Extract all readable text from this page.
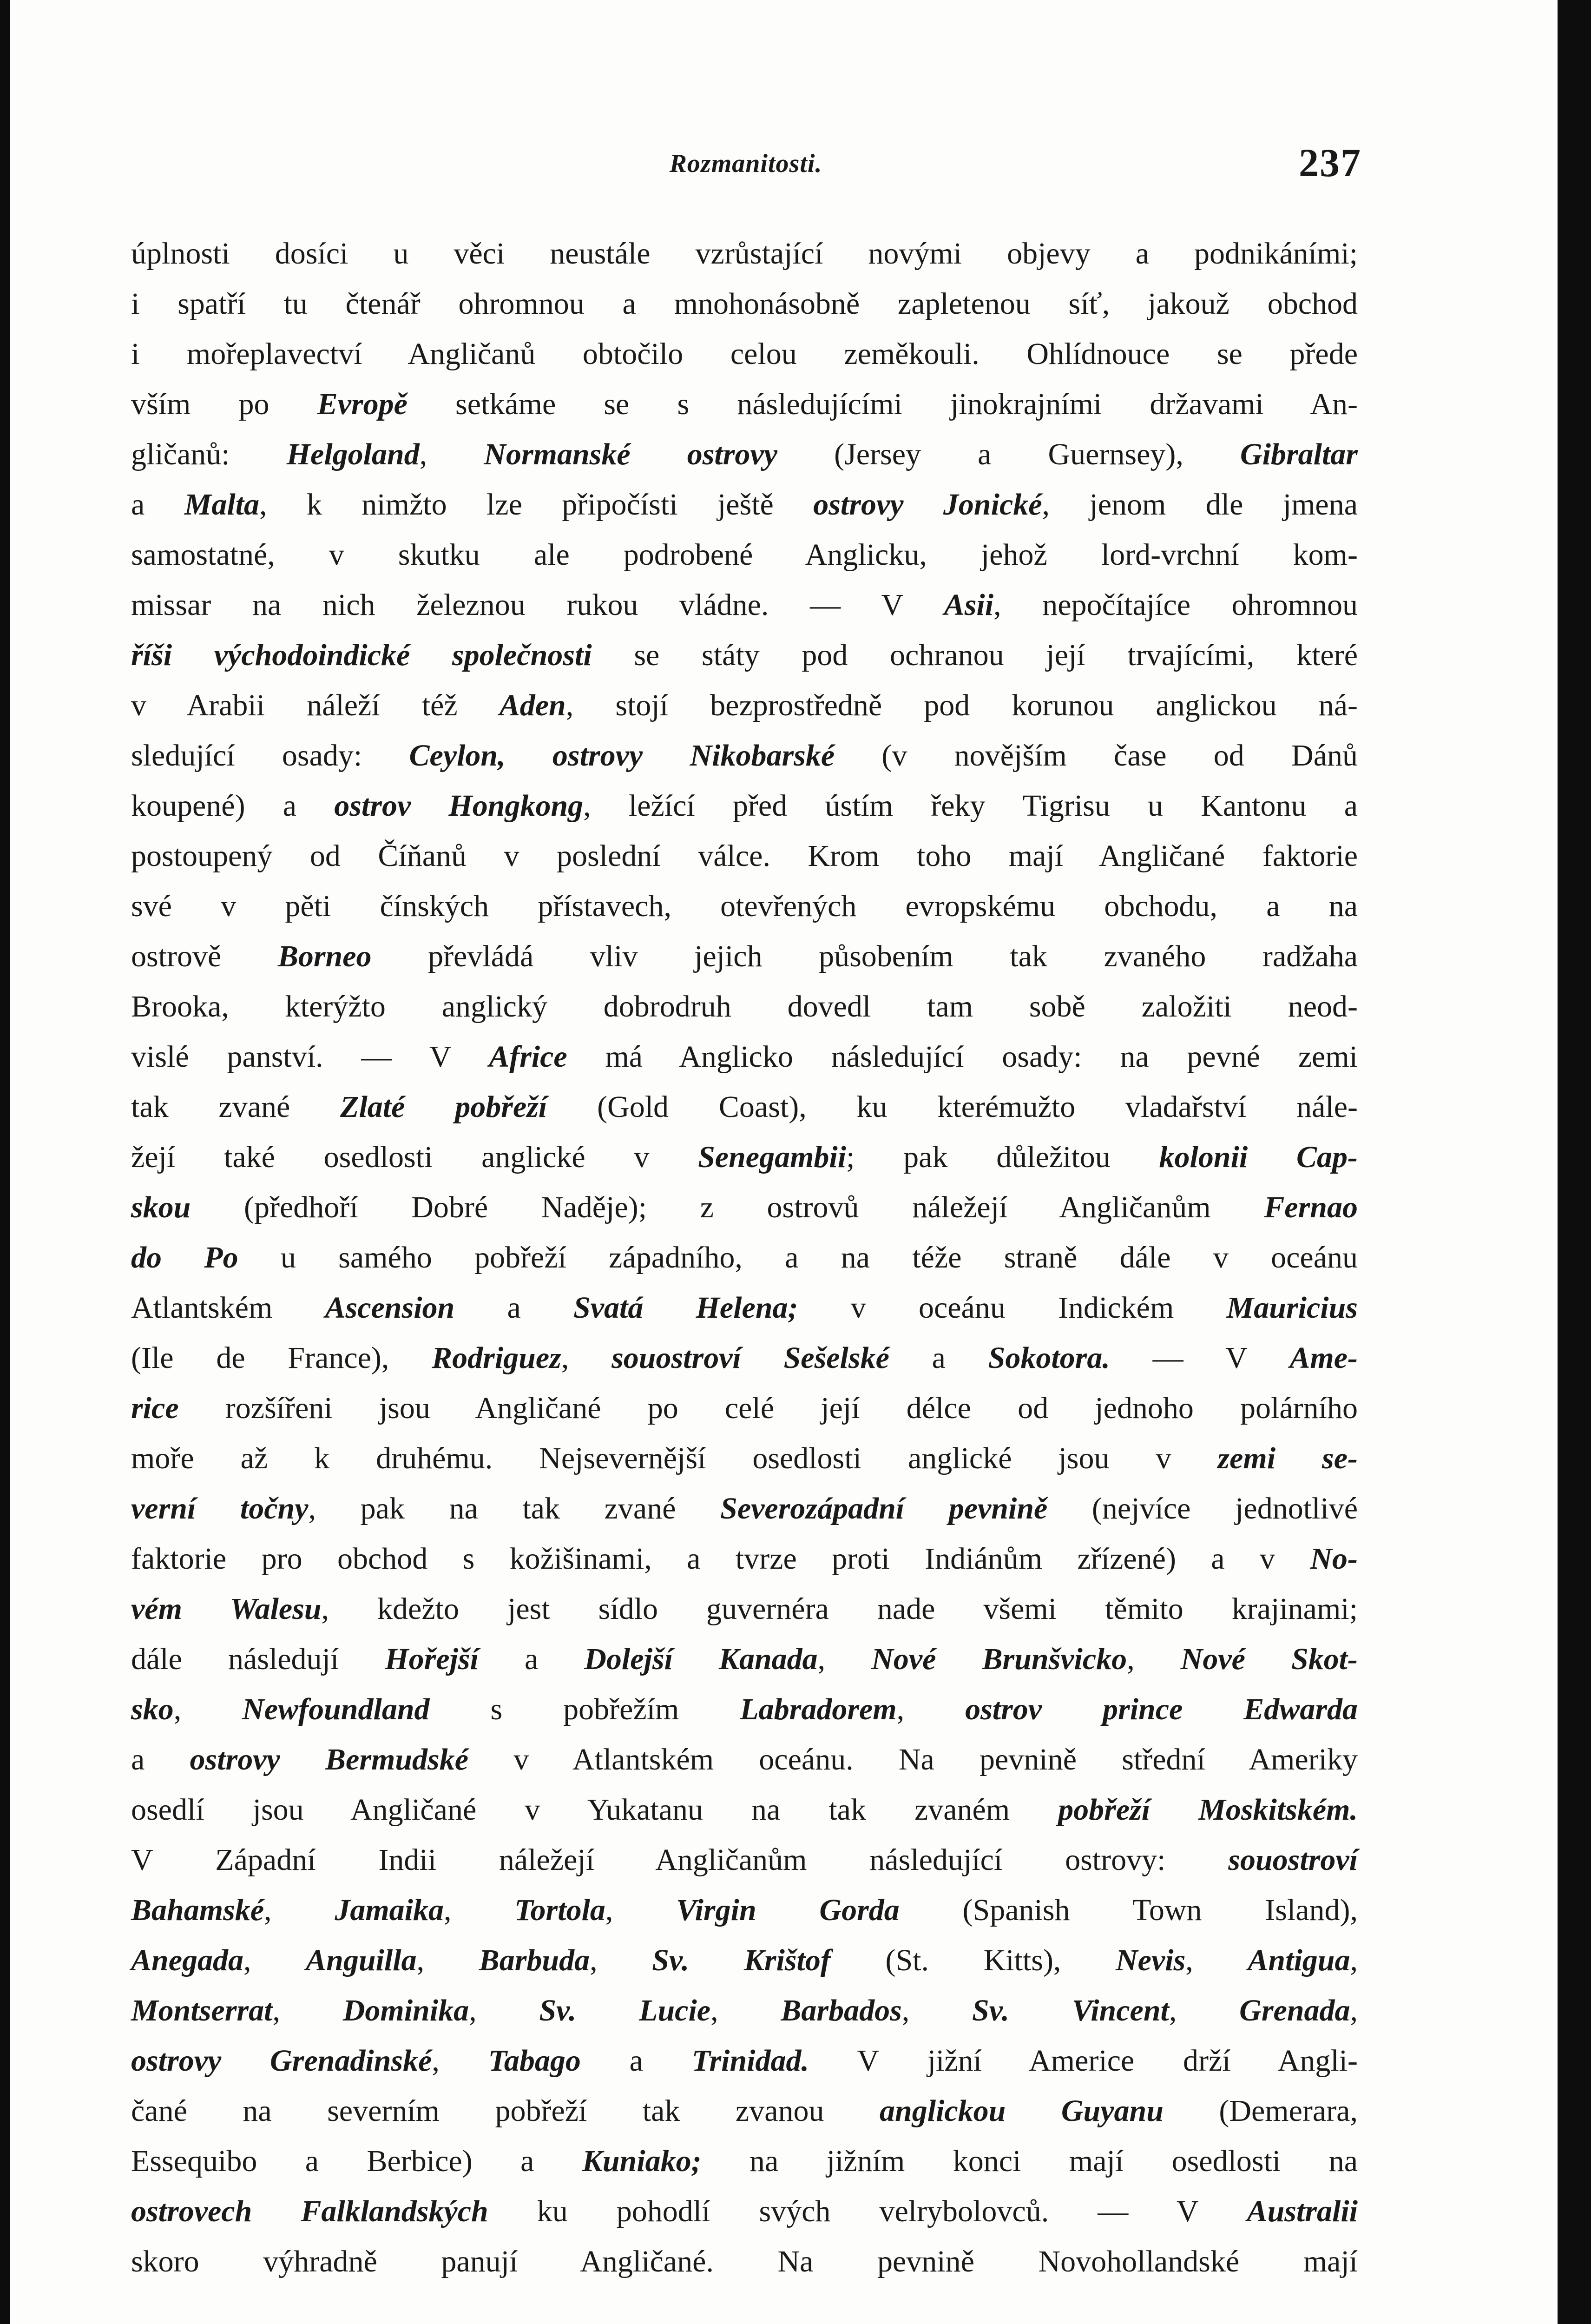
Rozmanitosti.	237
úplnosti dosíci u věci neustále vzrůstající novými objevy a podnikáními;
i spatří tu čtenář ohromnou a mnohonásobně zapletenou síť, jakouž obchod
i mořeplavectví Angličanů obtočilo celou zeměkouli. Ohlídnouce se přede
vším po Evropě setkáme se s následujícími jinokrajními državami An-
gličanů: Helgoland, Normanské ostrovy (Jersey a Guernsey), Gibraltar
a Malta, k nimžto lze připočísti ještě ostrovy Jonické, jenom dle jmena
samostatné, v skutku ale podrobené Anglicku, jehož lord-vrchní kom-
missar na nich železnou rukou vládne. — V Asii, nepočítajíce ohromnou
říši východoindické společnosti se státy pod ochranou její trvajícími, které
v Arabii náleží též Aden, stojí bezprostředně pod korunou anglickou ná-
sledující osady: Ceylon, ostrovy Nikobarské (v novějším čase od Dánů
koupené) a ostrov Hongkong, ležící před ústím řeky Tigrisu u Kantonu a
postoupený od Číňanů v poslední válce. Krom toho mají Angličané faktorie
své v pěti čínských přístavech, otevřených evropskému obchodu, a na
ostrově Borneo převládá vliv jejich působením tak zvaného radžaha
Brooka, kterýžto anglický dobrodruh dovedl tam sobě založiti neod-
vislé panství. — V Africe má Anglicko následující osady: na pevné zemi
tak zvané Zlaté pobřeží (Gold Coast), ku kterémužto vladařství nále-
žejí také osedlosti anglické v Senegambii; pak důležitou kolonii Cap-
skou (předhoří Dobré Naděje); z ostrovů náležejí Angličanům Fernao
do Po u samého pobřeží západního, a na téže straně dále v oceánu
Atlantském Ascension a Svatá Helena; v oceánu Indickém Mauricius
(Ile de France), Rodriguez, souostroví Sešelské a Sokotora. — V Ame-
rice rozšířeni jsou Angličané po celé její délce od jednoho polárního
moře až k druhému. Nejsevernější osedlosti anglické jsou v zemi se-
verní točny, pak na tak zvané Severozápadní pevnině (nejvíce jednotlivé
faktorie pro obchod s kožišinami, a tvrze proti Indiánům zřízené) a v No-
vém Walesu, kdežto jest sídlo guvernéra nade všemi těmito krajinami;
dále následují Hořejší a Dolejší Kanada, Nové Brunšvicko, Nové Skot-
sko, Newfoundland s pobřežím Labradorem, ostrov prince Edwarda
a ostrovy Bermudské v Atlantském oceánu. Na pevnině střední Ameriky
osedlí jsou Angličané v Yukatanu na tak zvaném pobřeží Moskitském.
V Západní Indii náležejí Angličanům následující ostrovy: souostroví
Bahamské, Jamaika, Tortola, Virgin Gorda (Spanish Town Island),
Anegada, Anguilla, Barbuda, Sv. Krištof (St. Kitts), Nevis, Antigua,
Montserrat, Dominika, Sv. Lucie, Barbados, Sv. Vincent, Grenada,
ostrovy Grenadinské, Tabago a Trinidad. V jižní Americe drží Angli-
čané na severním pobřeží tak zvanou anglickou Guyanu (Demerara,
Essequibo a Berbice) a Kuniako; na jižním konci mají osedlosti na
ostrovech Falklandských ku pohodlí svých velrybolovců. — V Australii
skoro výhradně panují Angličané. Na pevnině Novohollandské mají
